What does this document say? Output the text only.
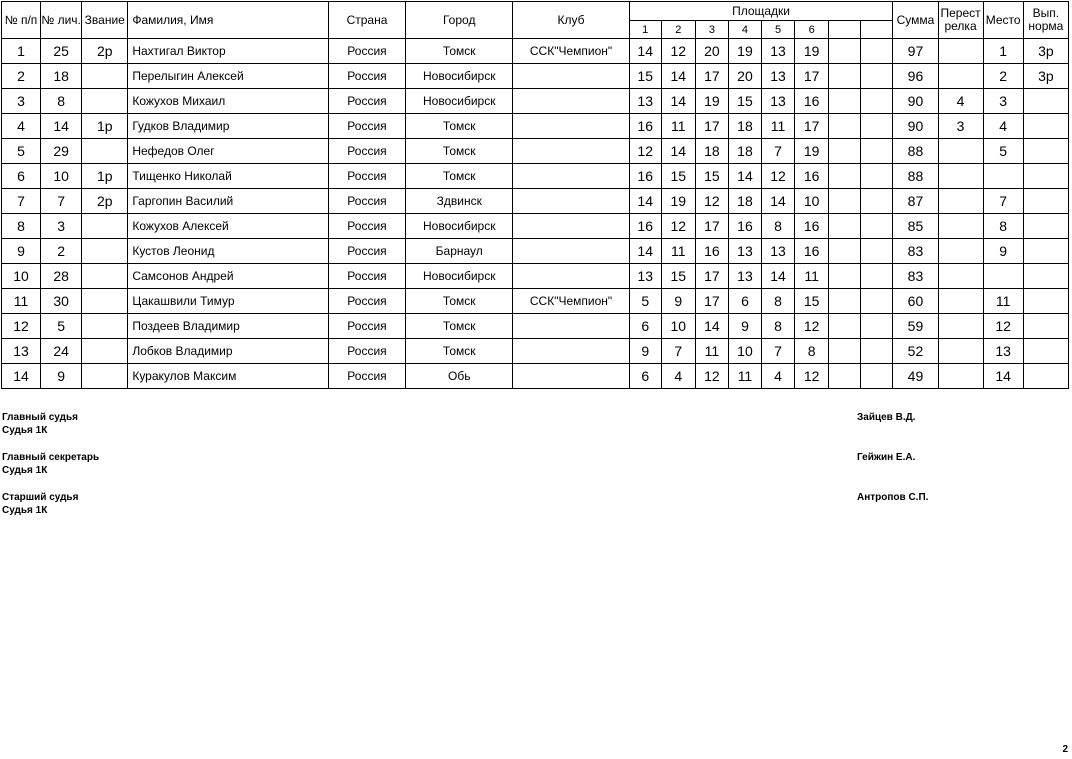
№ п/п	№ лич.	Звание	Фамилия, Имя	Страна	Город	Клуб	Площадки								Сумма	Перест релка	Место	Вып. норма
							1	2	3	4	5	6						
1	25	2р	Нахтигал Виктор	Россия	Томск	ССК"Чемпион"	14	12	20	19	13	19			97		1	3р
2	18		Перелыгин Алексей	Россия	Новосибирск		15	14	17	20	13	17			96		2	3р
3	8		Кожухов Михаил	Россия	Новосибирск		13	14	19	15	13	16			90	4	3	
4	14	1р	Гудков Владимир	Россия	Томск		16	11	17	18	11	17			90	3	4	
5	29		Нефедов Олег	Россия	Томск		12	14	18	18	7	19			88		5	
6	10	1р	Тищенко Николай	Россия	Томск		16	15	15	14	12	16			88			
7	7	2р	Гаргопин Василий	Россия	Здвинск		14	19	12	18	14	10			87		7	
8	3		Кожухов Алексей	Россия	Новосибирск		16	12	17	16	8	16			85		8	
9	2		Кустов Леонид	Россия	Барнаул		14	11	16	13	13	16			83		9	
10	28		Самсонов Андрей	Россия	Новосибирск		13	15	17	13	14	11			83			
11	30		Цакашвили Тимур	Россия	Томск	ССК"Чемпион"	5	9	17	6	8	15			60		11	
12	5		Поздеев Владимир	Россия	Томск		6	10	14	9	8	12			59		12	
13	24		Лобков Владимир	Россия	Томск		9	7	11	10	7	8			52		13	
14	9		Куракулов Максим	Россия	Обь		6	4	12	11	4	12			49		14	
Главный судья
Судья 1К
Зайцев В.Д.
Главный секретарь
Судья 1К
Гейжин Е.А.
Старший судья
Судья 1К
Антропов С.П.
2
